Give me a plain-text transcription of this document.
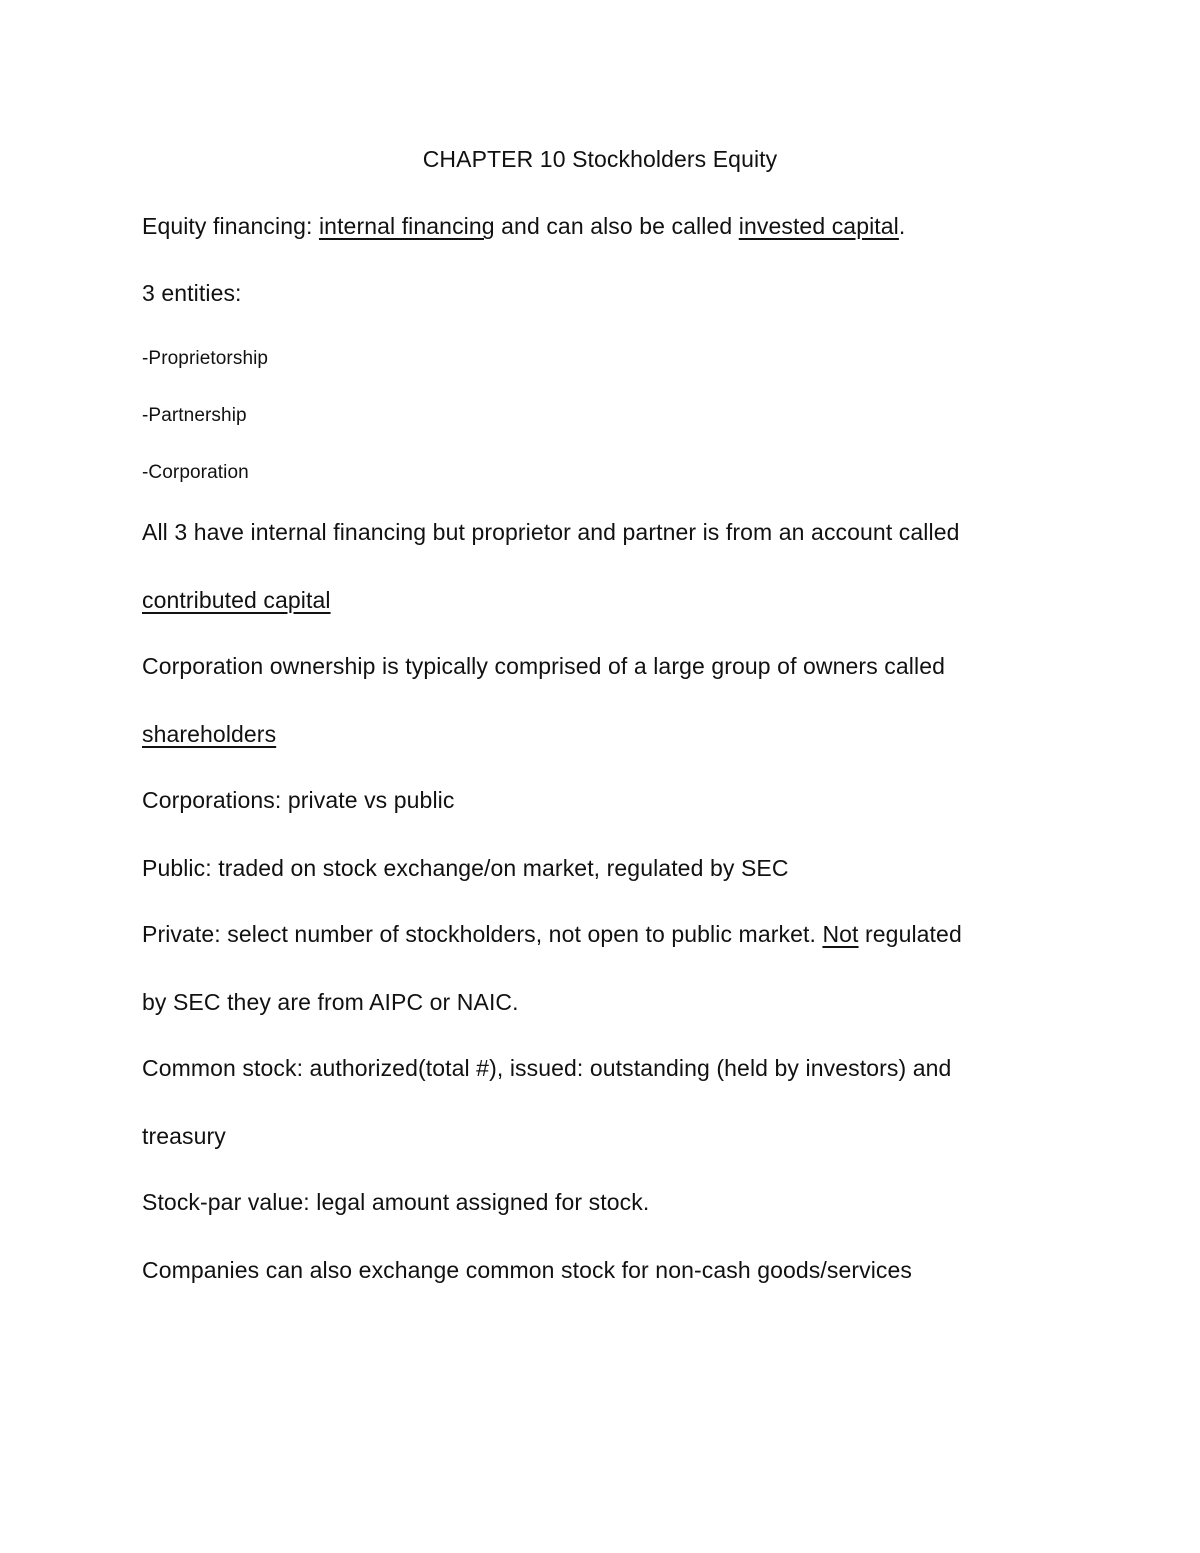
CHAPTER 10 Stockholders Equity
Equity financing: internal financing and can also be called invested capital.
3 entities:
-Proprietorship
-Partnership
-Corporation
All 3 have internal financing but proprietor and partner is from an account called
contributed capital
Corporation ownership is typically comprised of a large group of owners called
shareholders
Corporations: private vs public
Public: traded on stock exchange/on market, regulated by SEC
Private: select number of stockholders, not open to public market. Not regulated
by SEC they are from AIPC or NAIC.
Common stock: authorized(total #), issued: outstanding (held by investors) and
treasury
Stock-par value: legal amount assigned for stock.
Companies can also exchange common stock for non-cash goods/services
